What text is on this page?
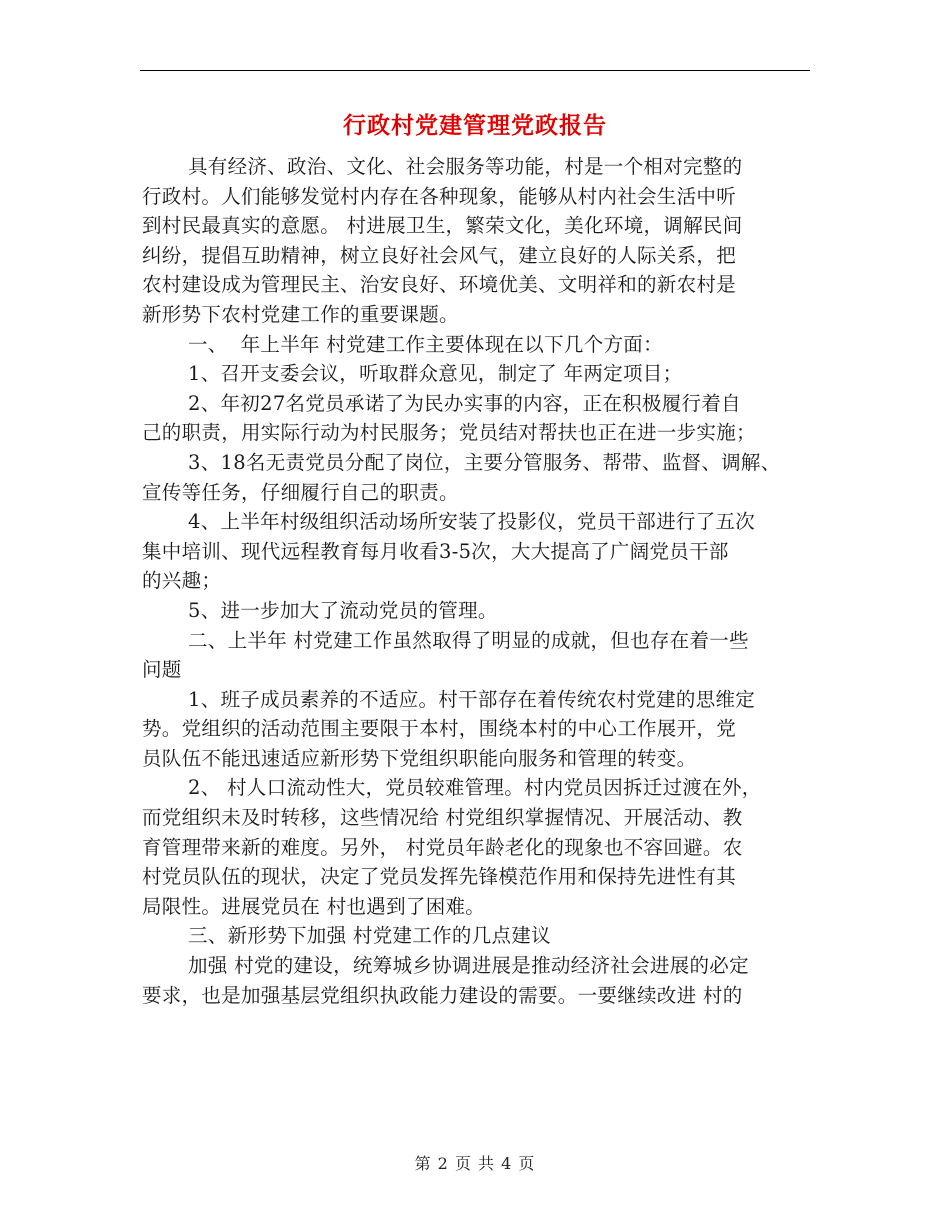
行政村党建管理党政报告

具有经济、政治、文化、社会服务等功能，村是一个相对完整的
行政村。人们能够发觉村内存在各种现象，能够从村内社会生活中听
到村民最真实的意愿。 村进展卫生，繁荣文化，美化环境，调解民间
纠纷，提倡互助精神，树立良好社会风气，建立良好的人际关系，把
农村建设成为管理民主、治安良好、环境优美、文明祥和的新农村是
新形势下农村党建工作的重要课题。

一、  年上半年 村党建工作主要体现在以下几个方面：

1、召开支委会议，听取群众意见，制定了 年两定项目；

2、年初27名党员承诺了为民办实事的内容，正在积极履行着自
己的职责，用实际行动为村民服务；党员结对帮扶也正在进一步实施；

3、18名无责党员分配了岗位，主要分管服务、帮带、监督、调解、
宣传等任务，仔细履行自己的职责。

4、上半年村级组织活动场所安装了投影仪，党员干部进行了五次
集中培训、现代远程教育每月收看3-5次，大大提高了广阔党员干部
的兴趣；

5、进一步加大了流动党员的管理。

二、上半年 村党建工作虽然取得了明显的成就，但也存在着一些
问题

1、班子成员素养的不适应。村干部存在着传统农村党建的思维定
势。党组织的活动范围主要限于本村，围绕本村的中心工作展开，党
员队伍不能迅速适应新形势下党组织职能向服务和管理的转变。

2、 村人口流动性大，党员较难管理。村内党员因拆迁过渡在外，
而党组织未及时转移，这些情况给 村党组织掌握情况、开展活动、教
育管理带来新的难度。另外， 村党员年龄老化的现象也不容回避。农
村党员队伍的现状，决定了党员发挥先锋模范作用和保持先进性有其
局限性。进展党员在 村也遇到了困难。

三、新形势下加强 村党建工作的几点建议

加强 村党的建设，统筹城乡协调进展是推动经济社会进展的必定
要求，也是加强基层党组织执政能力建设的需要。一要继续改进 村的

第 2 页 共 4 页
